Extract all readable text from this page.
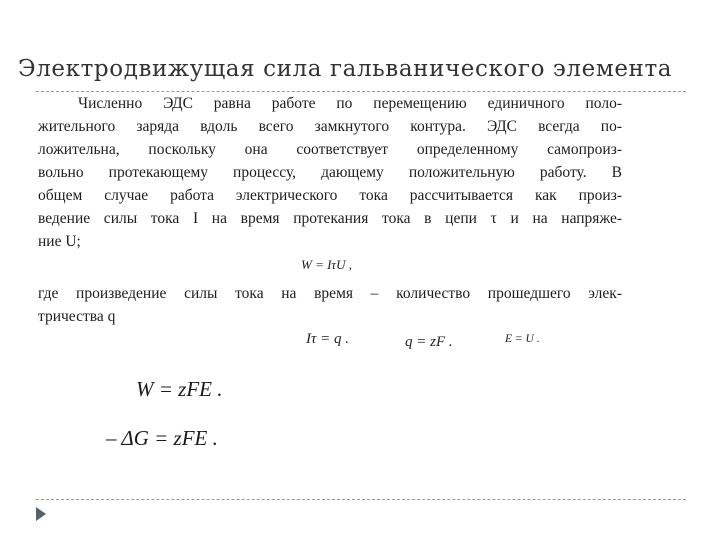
Электродвижущая сила гальванического элемента
Численно ЭДС равна работе по перемещению единичного поло-
жительного заряда вдоль всего замкнутого контура. ЭДС всегда по-
ложительна, поскольку она соответствует определенному самопроиз-
вольно протекающему процессу, дающему положительную работу. В
общем случае работа электрического тока рассчитывается как произ-
ведение силы тока I на время протекания тока в цепи τ и на напряже-
ние U;
W = IτU ,
где произведение силы тока на время – количество прошедшего элек-
тричества q
Iτ = q .	q = zF .	E = U .
W = zFE .
– ΔG = zFE .
